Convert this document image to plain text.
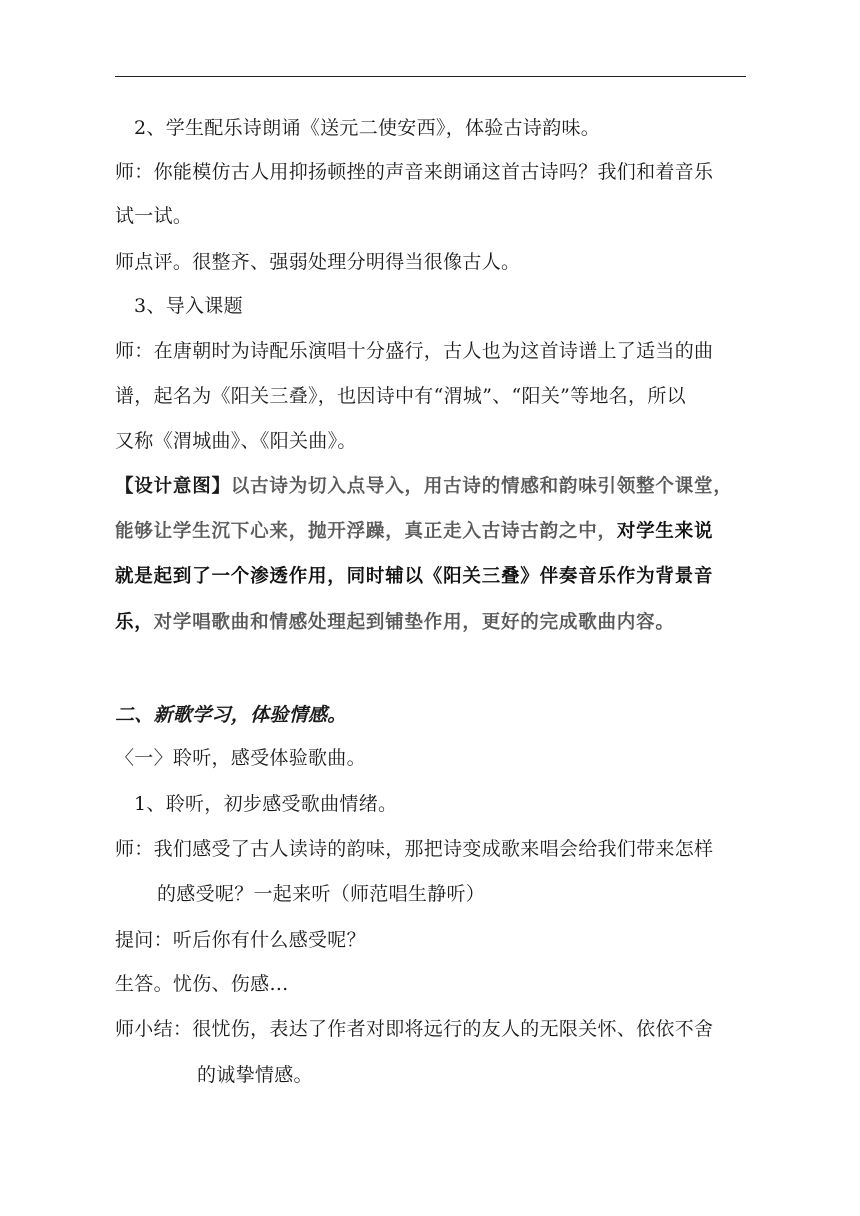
2、学生配乐诗朗诵《送元二使安西》，体验古诗韵味。
师：你能模仿古人用抑扬顿挫的声音来朗诵这首古诗吗？我们和着音乐
试一试。
师点评。很整齐、强弱处理分明得当很像古人。
3、导入课题
师：在唐朝时为诗配乐演唱十分盛行，古人也为这首诗谱上了适当的曲
谱，起名为《阳关三叠》，也因诗中有“渭城”、“阳关”等地名，所以
又称《渭城曲》、《阳关曲》。
【设计意图】以古诗为切入点导入，用古诗的情感和韵味引领整个课堂，
能够让学生沉下心来，抛开浮躁，真正走入古诗古韵之中，对学生来说
就是起到了一个渗透作用，同时辅以《阳关三叠》伴奏音乐作为背景音
乐，对学唱歌曲和情感处理起到铺垫作用，更好的完成歌曲内容。
二、新歌学习，体验情感。
〈一〉聆听，感受体验歌曲。
1、聆听，初步感受歌曲情绪。
师：我们感受了古人读诗的韵味，那把诗变成歌来唱会给我们带来怎样
的感受呢？一起来听（师范唱生静听）
提问：听后你有什么感受呢？
生答。忧伤、伤感…
师小结：很忧伤，表达了作者对即将远行的友人的无限关怀、依依不舍
的诚挚情感。
